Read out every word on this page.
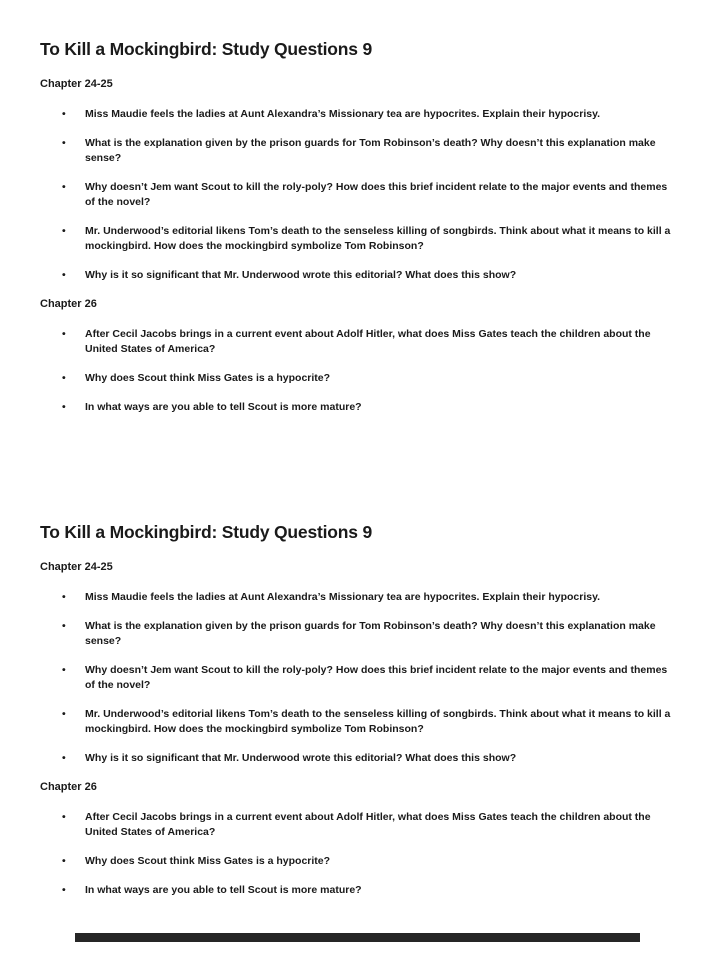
To Kill a Mockingbird: Study Questions 9
Chapter 24-25
• Miss Maudie feels the ladies at Aunt Alexandra’s Missionary tea are hypocrites. Explain their hypocrisy.
• What is the explanation given by the prison guards for Tom Robinson’s death? Why doesn’t this explanation make sense?
• Why doesn’t Jem want Scout to kill the roly-poly? How does this brief incident relate to the major events and themes of the novel?
• Mr. Underwood’s editorial likens Tom’s death to the senseless killing of songbirds. Think about what it means to kill a mockingbird. How does the mockingbird symbolize Tom Robinson?
• Why is it so significant that Mr. Underwood wrote this editorial? What does this show?
Chapter 26
• After Cecil Jacobs brings in a current event about Adolf Hitler, what does Miss Gates teach the children about the United States of America?
• Why does Scout think Miss Gates is a hypocrite?
• In what ways are you able to tell Scout is more mature?
To Kill a Mockingbird: Study Questions 9
Chapter 24-25
• Miss Maudie feels the ladies at Aunt Alexandra’s Missionary tea are hypocrites. Explain their hypocrisy.
• What is the explanation given by the prison guards for Tom Robinson’s death? Why doesn’t this explanation make sense?
• Why doesn’t Jem want Scout to kill the roly-poly? How does this brief incident relate to the major events and themes of the novel?
• Mr. Underwood’s editorial likens Tom’s death to the senseless killing of songbirds. Think about what it means to kill a mockingbird. How does the mockingbird symbolize Tom Robinson?
• Why is it so significant that Mr. Underwood wrote this editorial? What does this show?
Chapter 26
• After Cecil Jacobs brings in a current event about Adolf Hitler, what does Miss Gates teach the children about the United States of America?
• Why does Scout think Miss Gates is a hypocrite?
• In what ways are you able to tell Scout is more mature?
